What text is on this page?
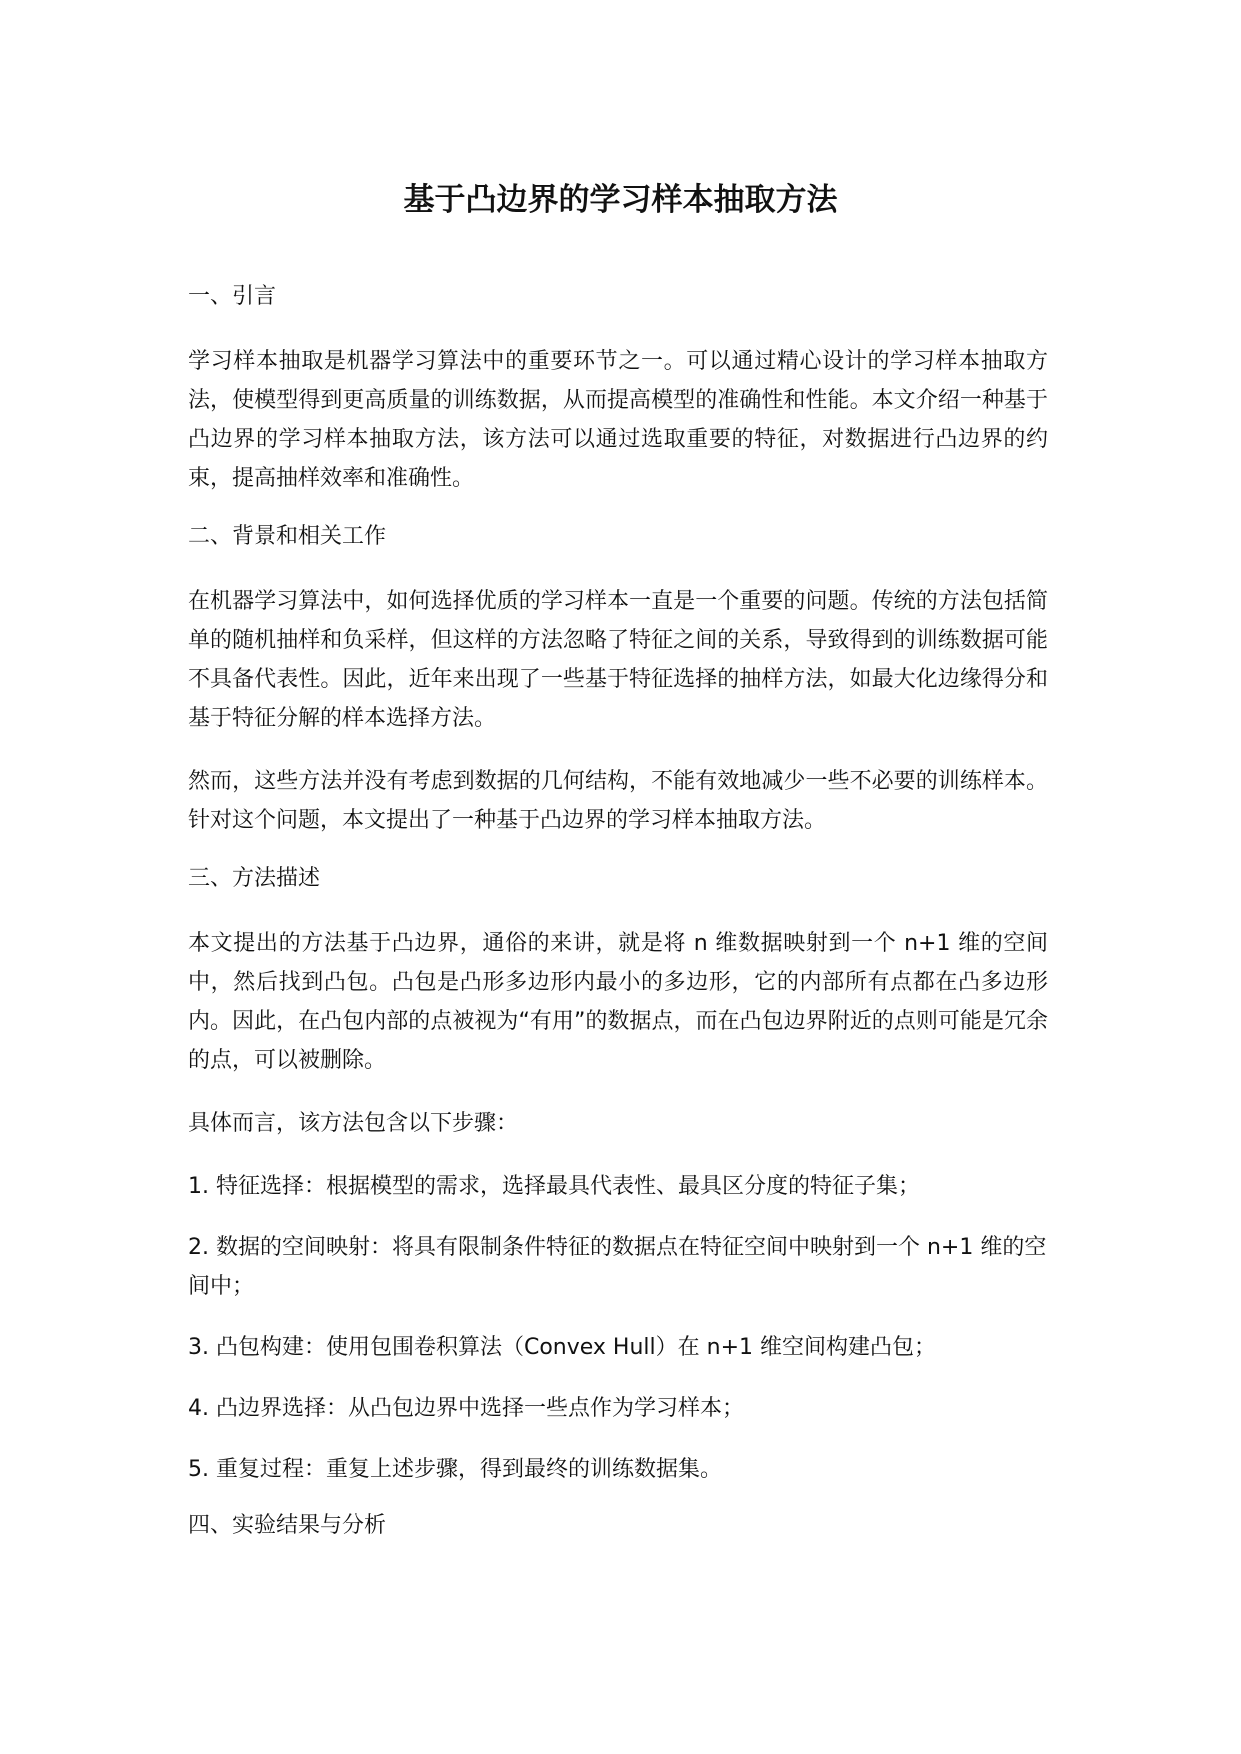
基于凸边界的学习样本抽取方法
一、引言

学习样本抽取是机器学习算法中的重要环节之一。可以通过精心设计的学习样本抽取方法，使模型得到更高质量的训练数据，从而提高模型的准确性和性能。本文介绍一种基于凸边界的学习样本抽取方法，该方法可以通过选取重要的特征，对数据进行凸边界的约束，提高抽样效率和准确性。

二、背景和相关工作

在机器学习算法中，如何选择优质的学习样本一直是一个重要的问题。传统的方法包括简单的随机抽样和负采样，但这样的方法忽略了特征之间的关系，导致得到的训练数据可能不具备代表性。因此，近年来出现了一些基于特征选择的抽样方法，如最大化边缘得分和基于特征分解的样本选择方法。

然而，这些方法并没有考虑到数据的几何结构，不能有效地减少一些不必要的训练样本。针对这个问题，本文提出了一种基于凸边界的学习样本抽取方法。

三、方法描述

本文提出的方法基于凸边界，通俗的来讲，就是将 n 维数据映射到一个 n+1 维的空间中，然后找到凸包。凸包是凸形多边形内最小的多边形，它的内部所有点都在凸多边形内。因此，在凸包内部的点被视为“有用”的数据点，而在凸包边界附近的点则可能是冗余的点，可以被删除。

具体而言，该方法包含以下步骤：

1. 特征选择：根据模型的需求，选择最具代表性、最具区分度的特征子集；

2. 数据的空间映射：将具有限制条件特征的数据点在特征空间中映射到一个 n+1 维的空间中；

3. 凸包构建：使用包围卷积算法（Convex Hull）在 n+1 维空间构建凸包；

4. 凸边界选择：从凸包边界中选择一些点作为学习样本；

5. 重复过程：重复上述步骤，得到最终的训练数据集。

四、实验结果与分析
